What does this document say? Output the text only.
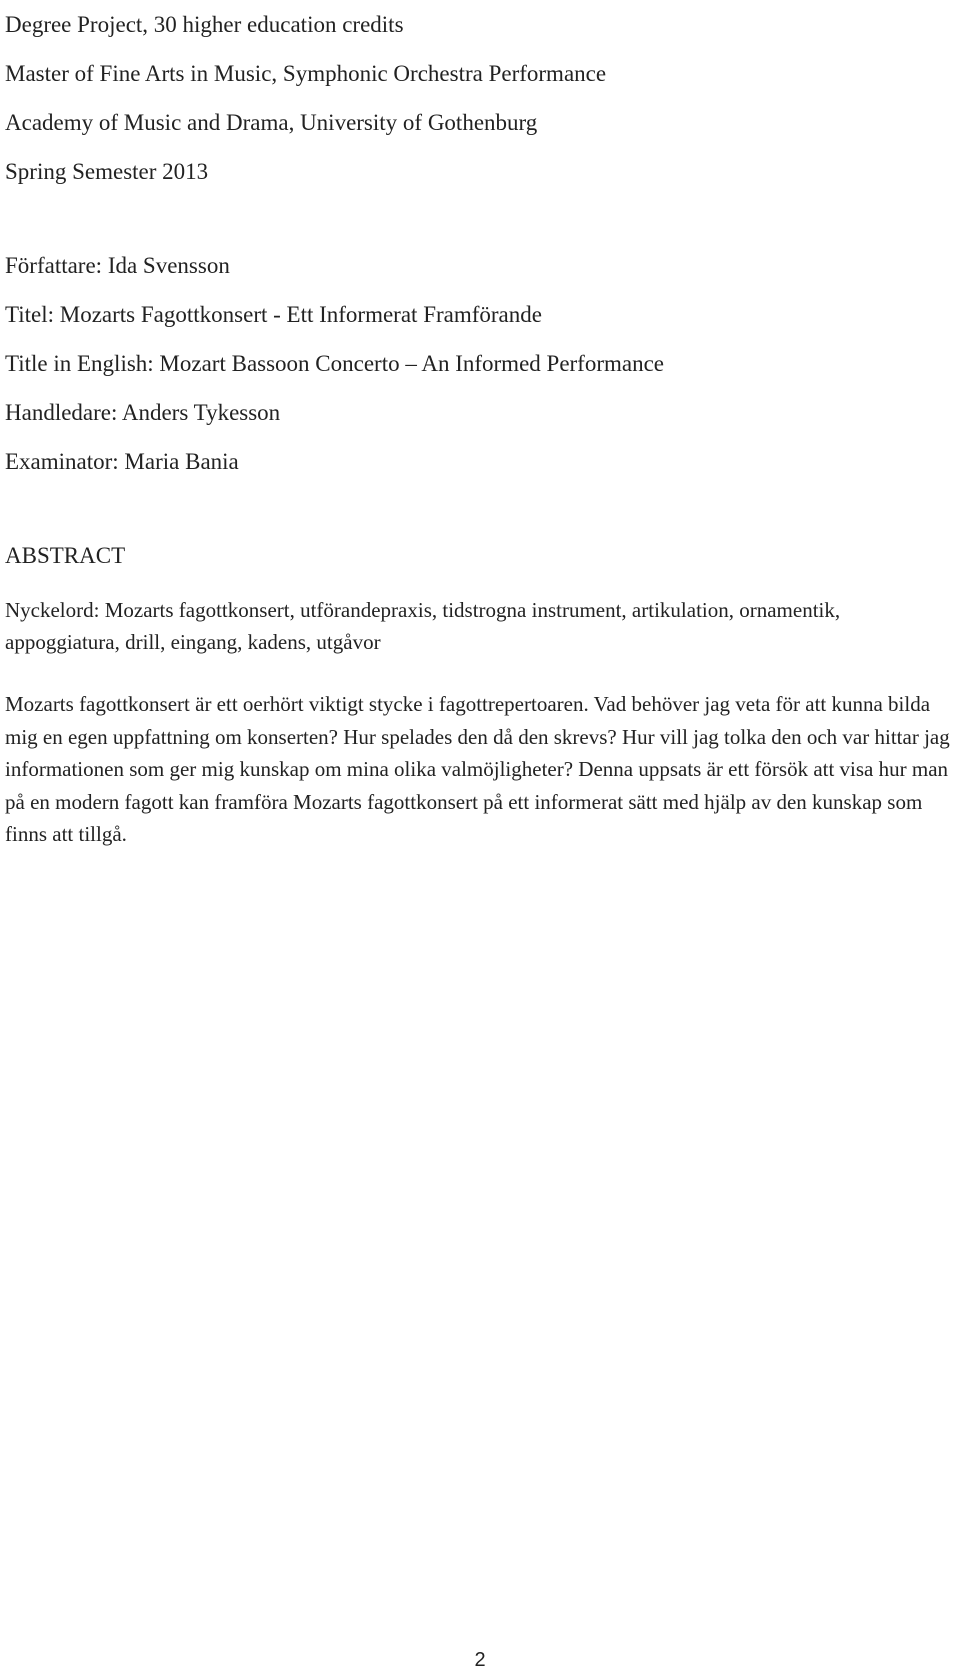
Degree Project, 30 higher education credits

Master of Fine Arts in Music, Symphonic Orchestra Performance

Academy of Music and Drama, University of Gothenburg

Spring Semester 2013

Författare: Ida Svensson

Titel: Mozarts Fagottkonsert - Ett Informerat Framförande

Title in English: Mozart Bassoon Concerto – An Informed Performance

Handledare: Anders Tykesson

Examinator: Maria Bania

ABSTRACT

Nyckelord: Mozarts fagottkonsert, utförandepraxis, tidstrogna instrument, artikulation, ornamentik, appoggiatura, drill, eingang, kadens, utgåvor

Mozarts fagottkonsert är ett oerhört viktigt stycke i fagottrepertoaren. Vad behöver jag veta för att kunna bilda mig en egen uppfattning om konserten? Hur spelades den då den skrevs? Hur vill jag tolka den och var hittar jag informationen som ger mig kunskap om mina olika valmöjligheter? Denna uppsats är ett försök att visa hur man på en modern fagott kan framföra Mozarts fagottkonsert på ett informerat sätt med hjälp av den kunskap som finns att tillgå.

2
